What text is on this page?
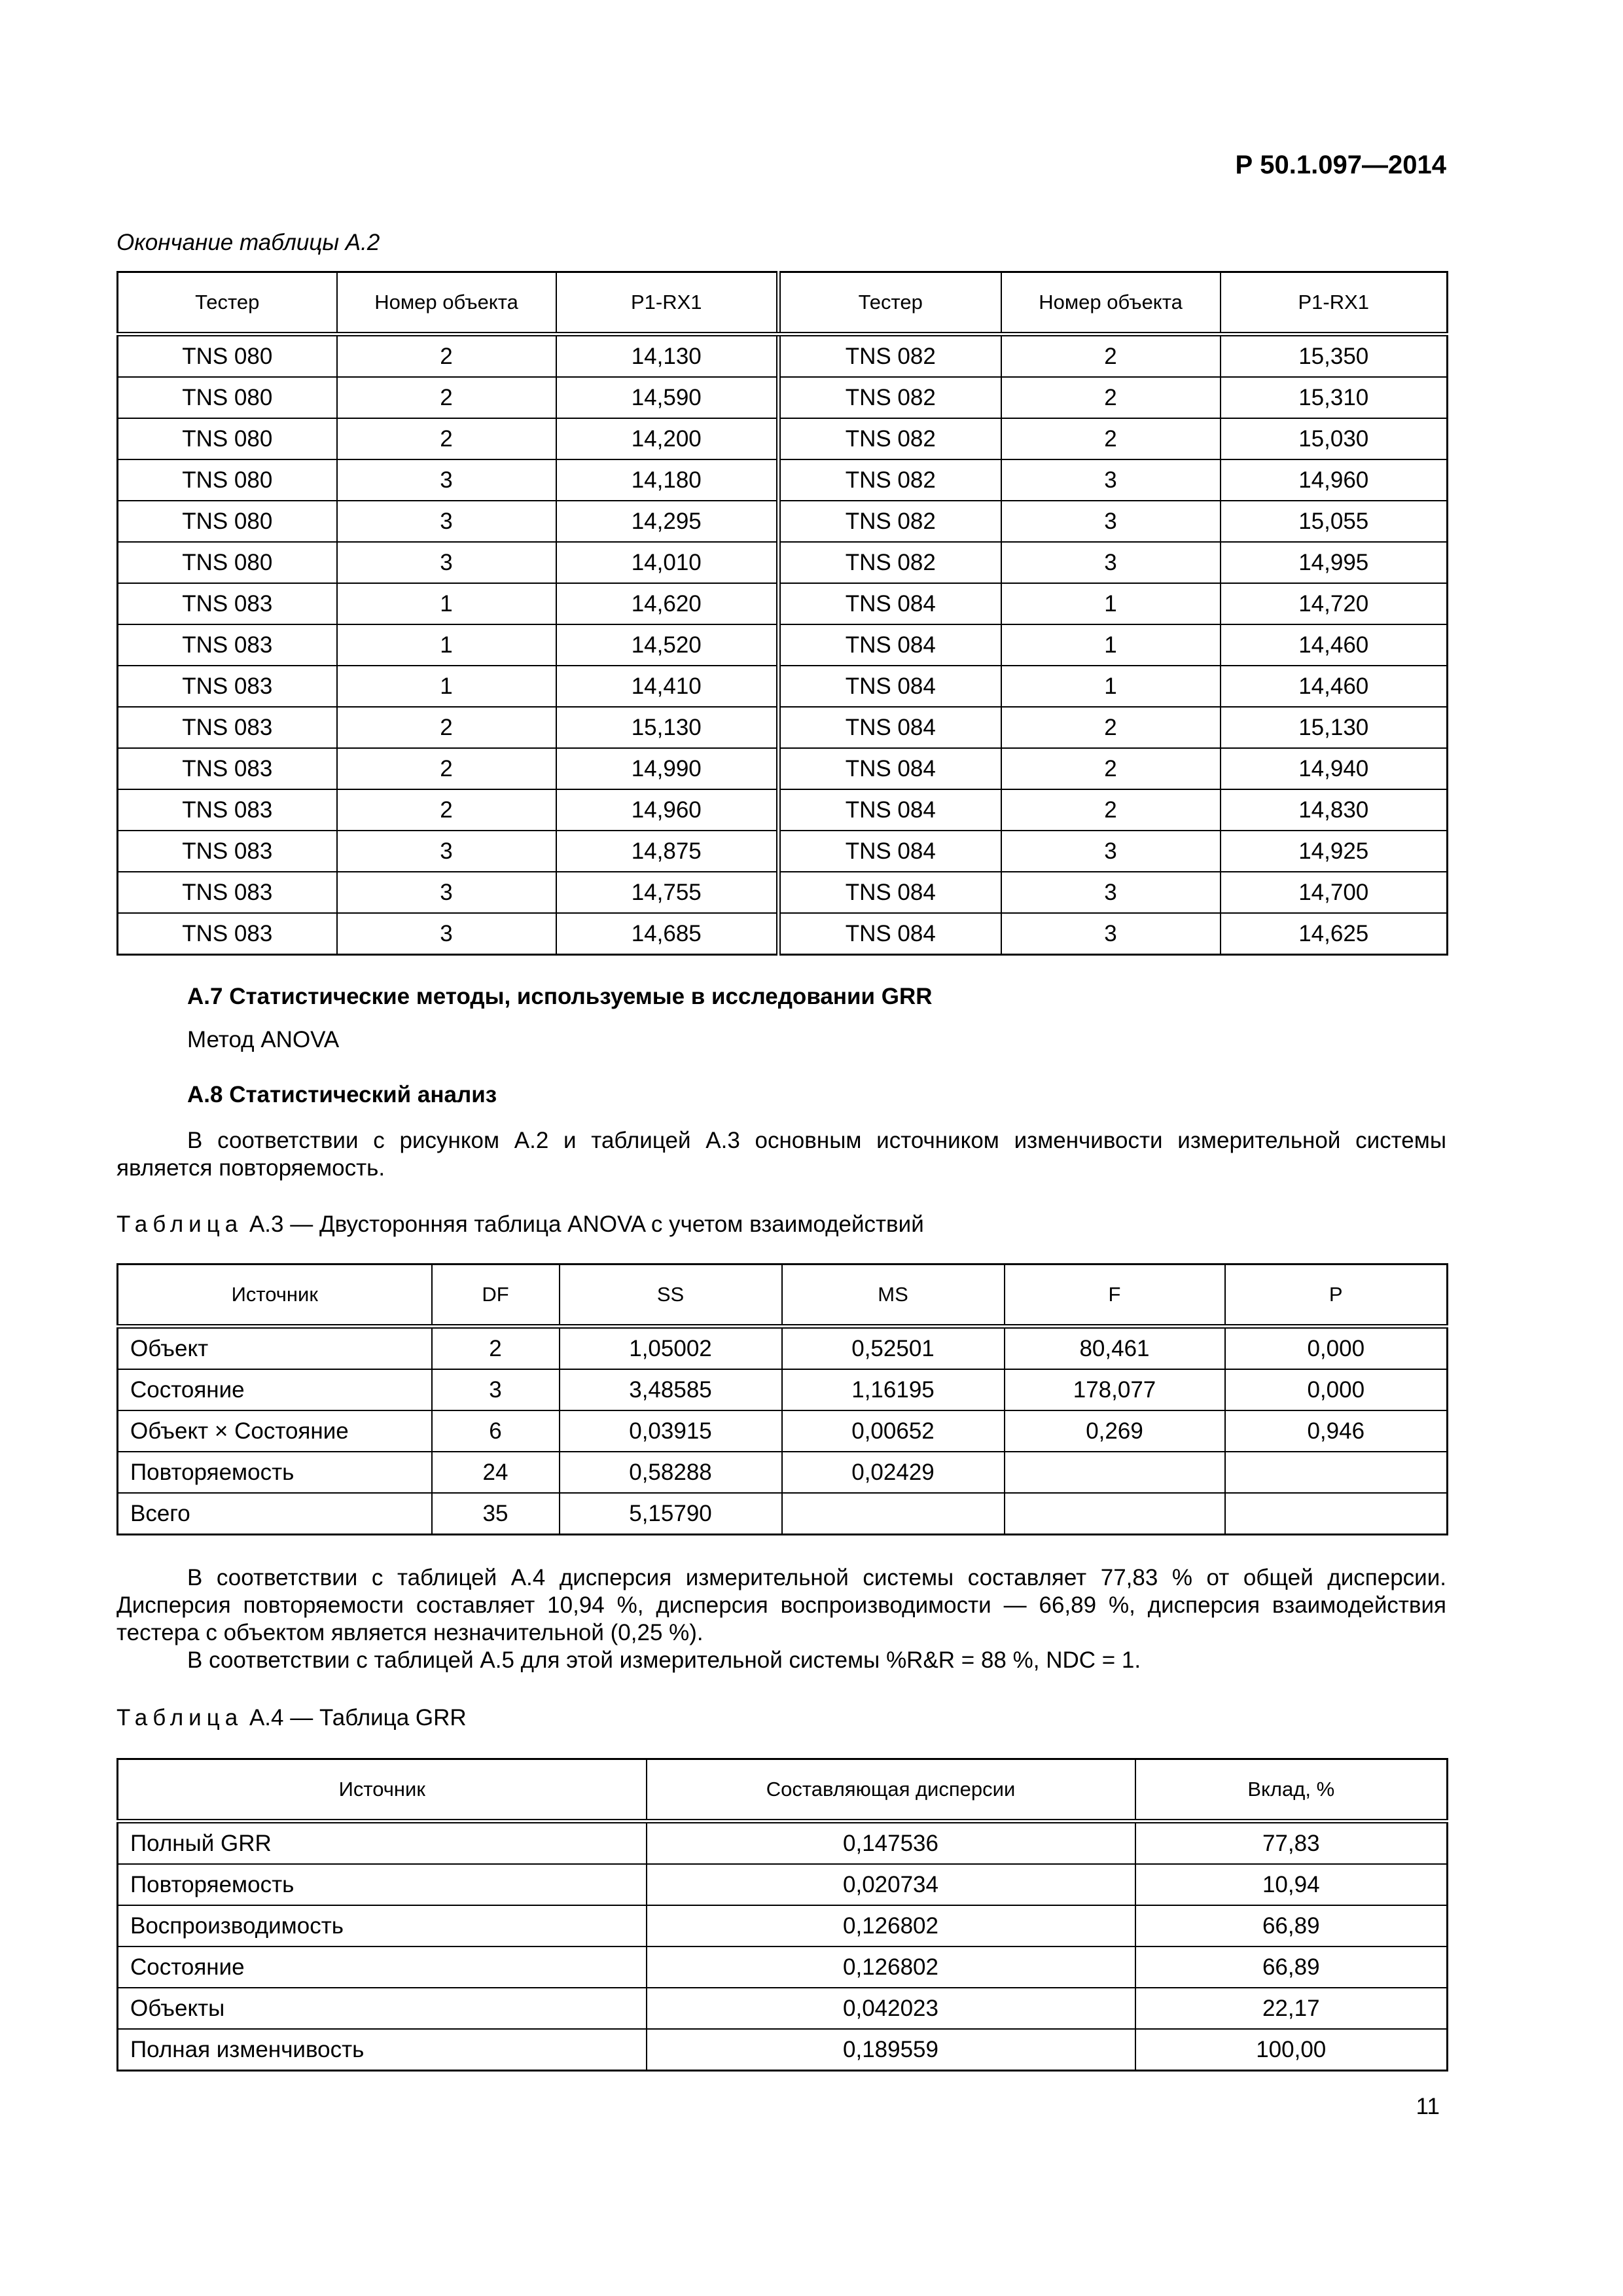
Р 50.1.097—2014
Окончание таблицы А.2
Тестер	Номер объекта	P1-RX1	Тестер	Номер объекта	P1-RX1
TNS 080	2	14,130	TNS 082	2	15,350
TNS 080	2	14,590	TNS 082	2	15,310
TNS 080	2	14,200	TNS 082	2	15,030
TNS 080	3	14,180	TNS 082	3	14,960
TNS 080	3	14,295	TNS 082	3	15,055
TNS 080	3	14,010	TNS 082	3	14,995
TNS 083	1	14,620	TNS 084	1	14,720
TNS 083	1	14,520	TNS 084	1	14,460
TNS 083	1	14,410	TNS 084	1	14,460
TNS 083	2	15,130	TNS 084	2	15,130
TNS 083	2	14,990	TNS 084	2	14,940
TNS 083	2	14,960	TNS 084	2	14,830
TNS 083	3	14,875	TNS 084	3	14,925
TNS 083	3	14,755	TNS 084	3	14,700
TNS 083	3	14,685	TNS 084	3	14,625
А.7 Статистические методы, используемые в исследовании GRR
Метод ANOVA
А.8 Статистический анализ

В соответствии с рисунком А.2 и таблицей А.3 основным источником изменчивости измерительной системы является повторяемость.

Таблица А.3 — Двусторонняя таблица ANOVA с учетом взаимодействий
Источник	DF	SS	MS	F	P
Объект	2	1,05002	0,52501	80,461	0,000
Состояние	3	3,48585	1,16195	178,077	0,000
Объект × Состояние	6	0,03915	0,00652	0,269	0,946
Повторяемость	24	0,58288	0,02429		
Всего	35	5,15790			

В соответствии с таблицей А.4 дисперсия измерительной системы составляет 77,83 % от общей дисперсии. Дисперсия повторяемости составляет 10,94 %, дисперсия воспроизводимости — 66,89 %, дисперсия взаимодействия тестера с объектом является незначительной (0,25 %).

В соответствии с таблицей А.5 для этой измерительной системы %R&R = 88 %, NDC = 1.

Таблица А.4 — Таблица GRR
Источник	Составляющая дисперсии	Вклад, %
Полный GRR	0,147536	77,83
Повторяемость	0,020734	10,94
Воспроизводимость	0,126802	66,89
Состояние	0,126802	66,89
Объекты	0,042023	22,17
Полная изменчивость	0,189559	100,00
11
